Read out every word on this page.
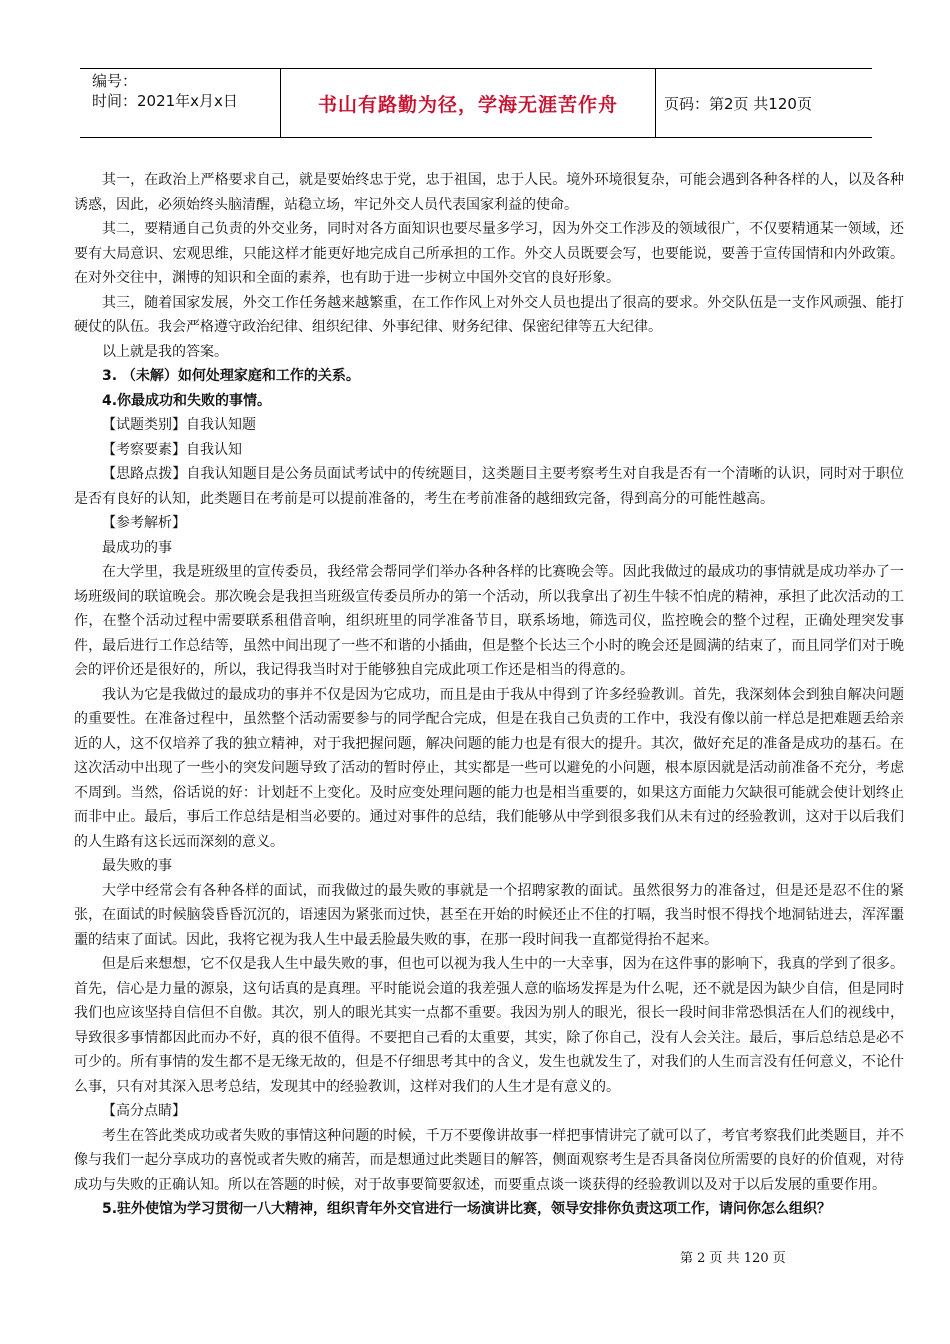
编号：
时间：2021年x月x日	书山有路勤为径，学海无涯苦作舟	页码：第2页 共120页

其一，在政治上严格要求自己，就是要始终忠于党，忠于祖国，忠于人民。境外环境很复杂，可能会遇到各种各样的人，以及各种诱惑，因此，必须始终头脑清醒，站稳立场，牢记外交人员代表国家利益的使命。

其二，要精通自己负责的外交业务，同时对各方面知识也要尽量多学习，因为外交工作涉及的领域很广，不仅要精通某一领域，还要有大局意识、宏观思维，只能这样才能更好地完成自己所承担的工作。外交人员既要会写，也要能说，要善于宣传国情和内外政策。在对外交往中，渊博的知识和全面的素养，也有助于进一步树立中国外交官的良好形象。

其三，随着国家发展，外交工作任务越来越繁重，在工作作风上对外交人员也提出了很高的要求。外交队伍是一支作风顽强、能打硬仗的队伍。我会严格遵守政治纪律、组织纪律、外事纪律、财务纪律、保密纪律等五大纪律。

以上就是我的答案。

3. （未解）如何处理家庭和工作的关系。

4.你最成功和失败的事情。

【试题类别】自我认知题

【考察要素】自我认知

【思路点拨】自我认知题目是公务员面试考试中的传统题目，这类题目主要考察考生对自我是否有一个清晰的认识，同时对于职位是否有良好的认知，此类题目在考前是可以提前准备的，考生在考前准备的越细致完备，得到高分的可能性越高。

【参考解析】

最成功的事

在大学里，我是班级里的宣传委员，我经常会帮同学们举办各种各样的比赛晚会等。因此我做过的最成功的事情就是成功举办了一场班级间的联谊晚会。那次晚会是我担当班级宣传委员所办的第一个活动，所以我拿出了初生牛犊不怕虎的精神，承担了此次活动的工作，在整个活动过程中需要联系租借音响，组织班里的同学准备节目，联系场地，筛选司仪，监控晚会的整个过程，正确处理突发事件，最后进行工作总结等，虽然中间出现了一些不和谐的小插曲，但是整个长达三个小时的晚会还是圆满的结束了，而且同学们对于晚会的评价还是很好的，所以，我记得我当时对于能够独自完成此项工作还是相当的得意的。

我认为它是我做过的最成功的事并不仅是因为它成功，而且是由于我从中得到了许多经验教训。首先，我深刻体会到独自解决问题的重要性。在准备过程中，虽然整个活动需要参与的同学配合完成，但是在我自己负责的工作中，我没有像以前一样总是把难题丢给亲近的人，这不仅培养了我的独立精神，对于我把握问题，解决问题的能力也是有很大的提升。其次，做好充足的准备是成功的基石。在这次活动中出现了一些小的突发问题导致了活动的暂时停止，其实都是一些可以避免的小问题，根本原因就是活动前准备不充分，考虑不周到。当然，俗话说的好：计划赶不上变化。及时应变处理问题的能力也是相当重要的，如果这方面能力欠缺很可能就会使计划终止而非中止。最后，事后工作总结是相当必要的。通过对事件的总结，我们能够从中学到很多我们从未有过的经验教训，这对于以后我们的人生路有这长远而深刻的意义。

最失败的事

大学中经常会有各种各样的面试，而我做过的最失败的事就是一个招聘家教的面试。虽然很努力的准备过，但是还是忍不住的紧张，在面试的时候脑袋昏昏沉沉的，语速因为紧张而过快，甚至在开始的时候还止不住的打嗝，我当时恨不得找个地洞钻进去，浑浑噩噩的结束了面试。因此，我将它视为我人生中最丢脸最失败的事，在那一段时间我一直都觉得抬不起来。

但是后来想想，它不仅是我人生中最失败的事，但也可以视为我人生中的一大幸事，因为在这件事的影响下，我真的学到了很多。首先，信心是力量的源泉，这句话真的是真理。平时能说会道的我差强人意的临场发挥是为什么呢，还不就是因为缺少自信，但是同时我们也应该坚持自信但不自傲。其次，别人的眼光其实一点都不重要。我因为别人的眼光，很长一段时间非常恐惧活在人们的视线中，导致很多事情都因此而办不好，真的很不值得。不要把自己看的太重要，其实，除了你自己，没有人会关注。最后，事后总结总是必不可少的。所有事情的发生都不是无缘无故的，但是不仔细思考其中的含义，发生也就发生了，对我们的人生而言没有任何意义，不论什么事，只有对其深入思考总结，发现其中的经验教训，这样对我们的人生才是有意义的。

【高分点睛】

考生在答此类成功或者失败的事情这种问题的时候，千万不要像讲故事一样把事情讲完了就可以了，考官考察我们此类题目，并不像与我们一起分享成功的喜悦或者失败的痛苦，而是想通过此类题目的解答，侧面观察考生是否具备岗位所需要的良好的价值观，对待成功与失败的正确认知。所以在答题的时候，对于故事要简要叙述，而要重点谈一谈获得的经验教训以及对于以后发展的重要作用。

5.驻外使馆为学习贯彻一八大精神，组织青年外交官进行一场演讲比赛，领导安排你负责这项工作，请问你怎么组织？

第 2 页 共 120 页
